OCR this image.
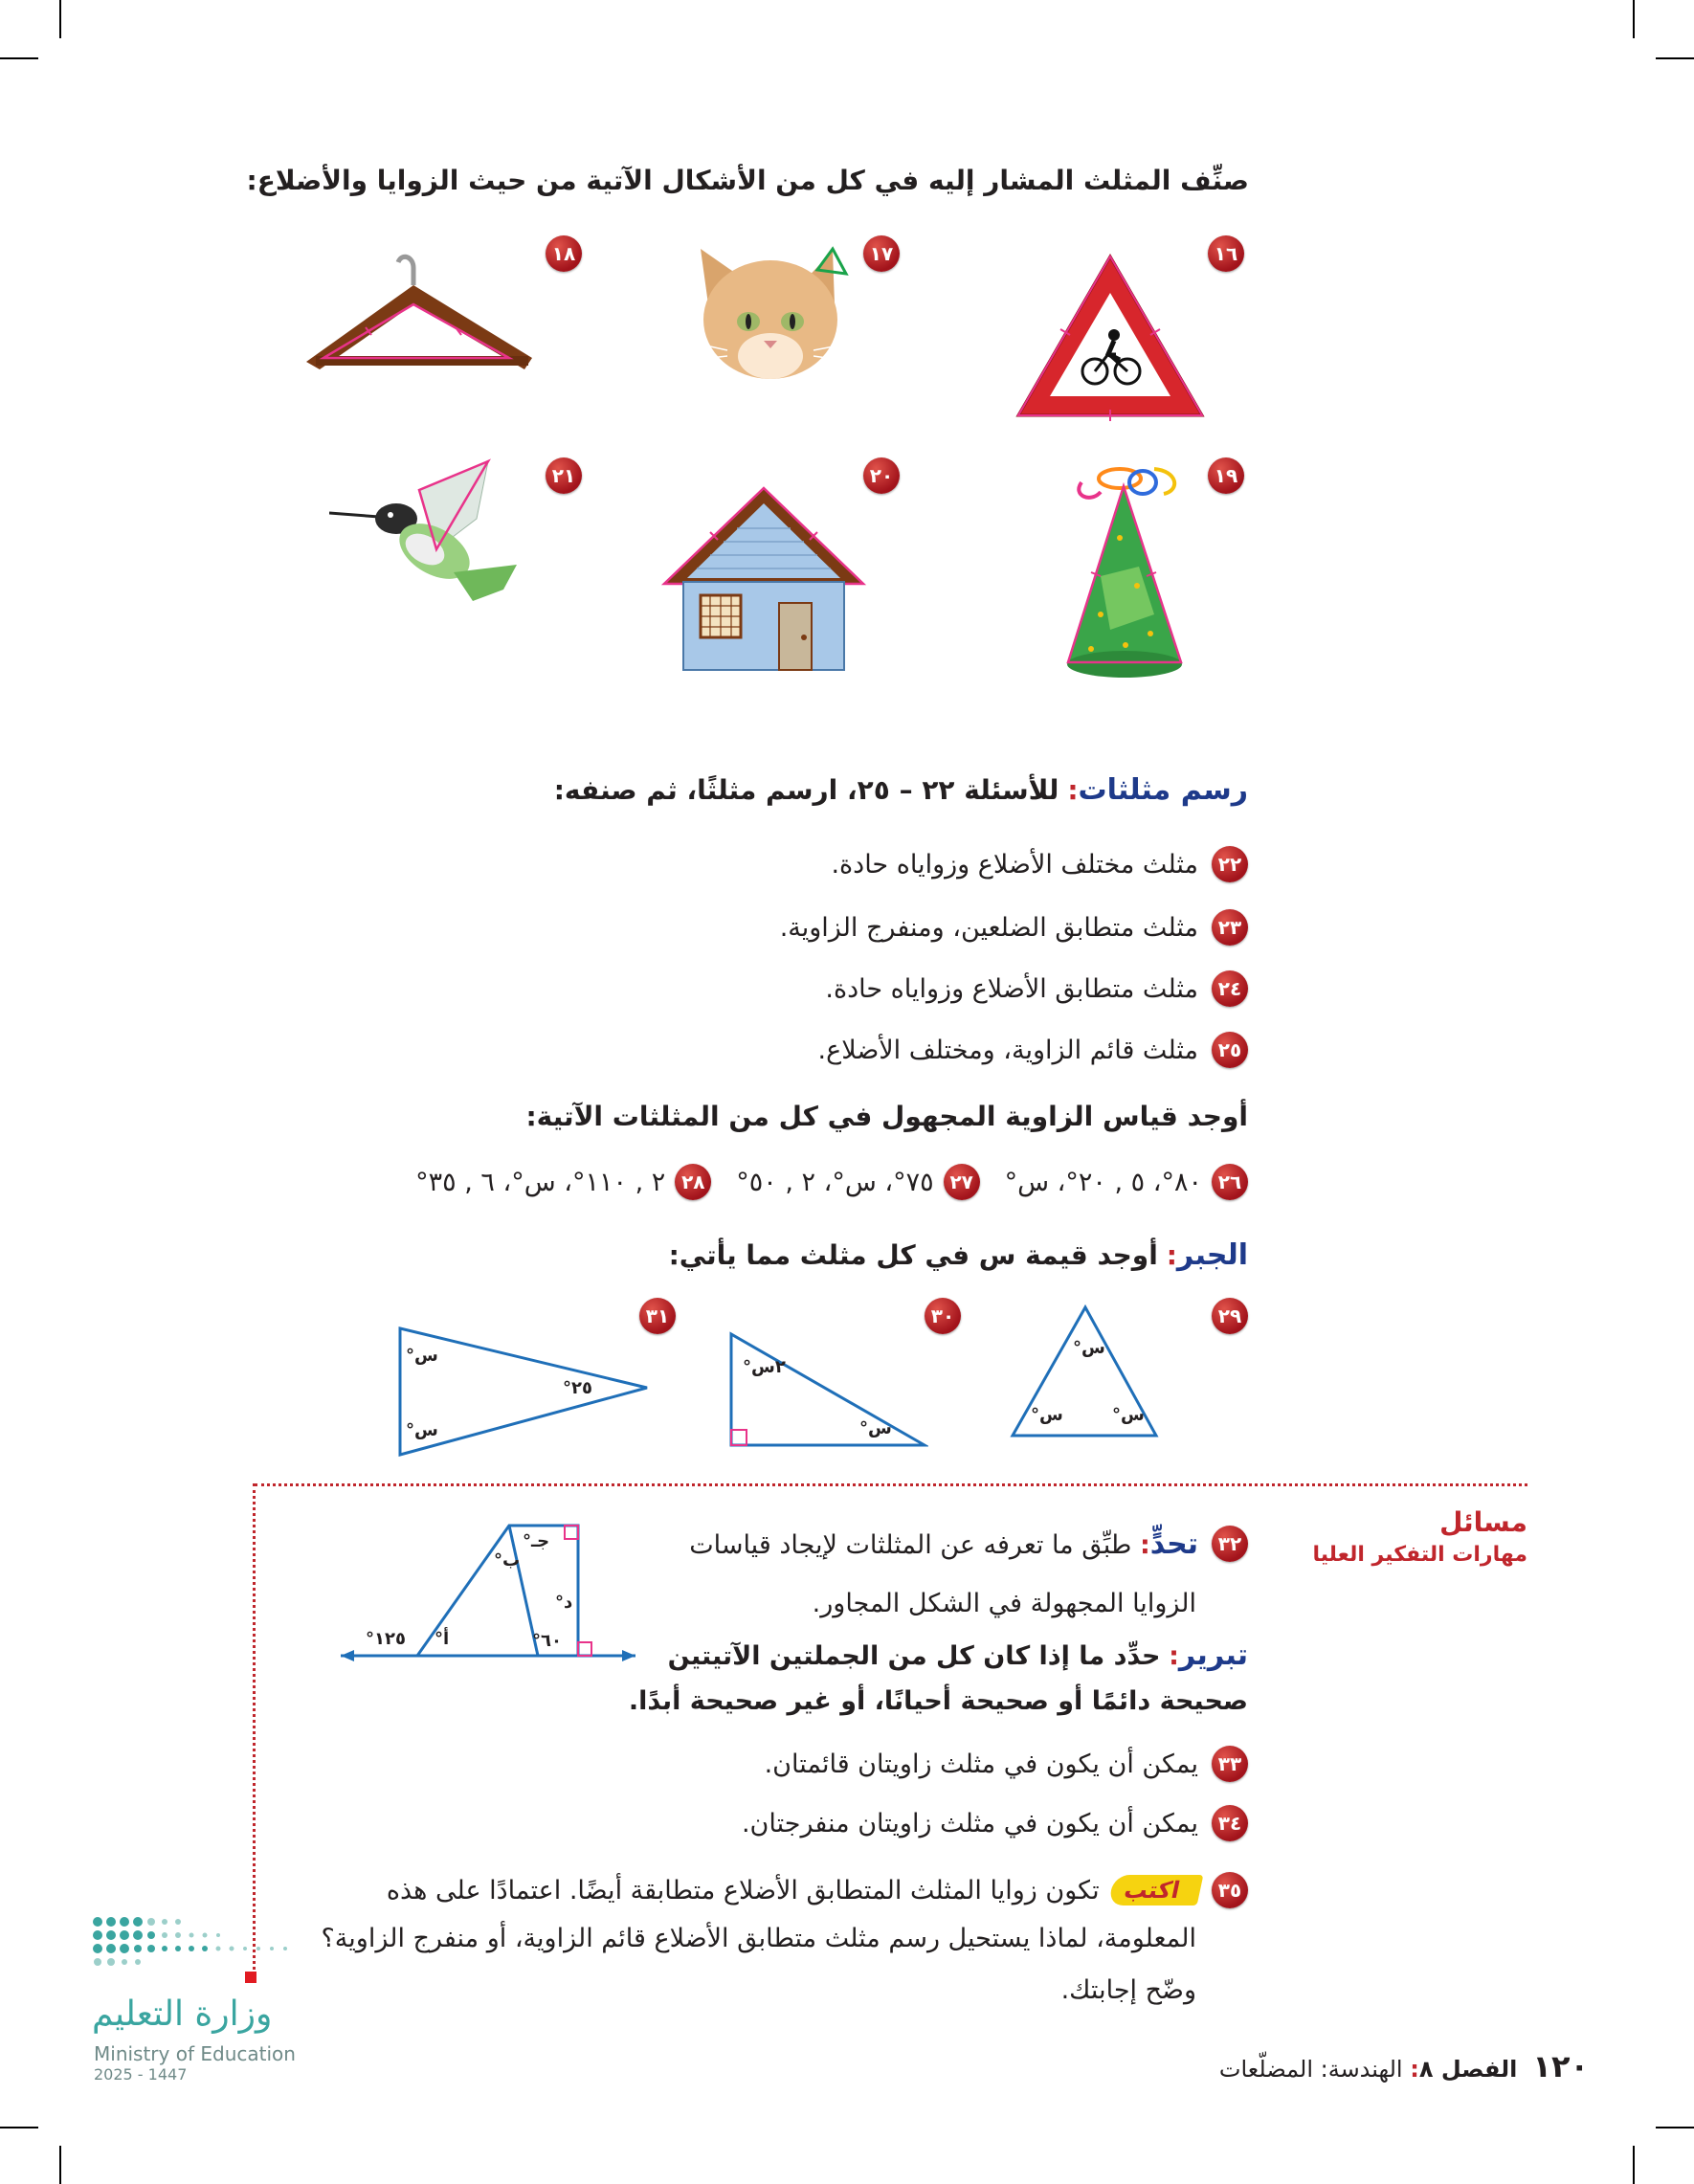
صنِّف المثلث المشار إليه في كل من الأشكال الآتية من حيث الزوايا والأضلاع:
١٦
١٧
١٨
١٩
٢٠
٢١
رسم مثلثات: للأسئلة ٢٢ – ٢٥، ارسم مثلثًا، ثم صنفه:
٢٢
مثلث مختلف الأضلاع وزواياه حادة.
٢٣
مثلث متطابق الضلعين، ومنفرج الزاوية.
٢٤
مثلث متطابق الأضلاع وزواياه حادة.
٢٥
مثلث قائم الزاوية، ومختلف الأضلاع.
أوجد قياس الزاوية المجهول في كل من المثلثات الآتية:
٢٦
٨٠°، ٥ , ٢٠°، س°
٢٧
٧٥°، س°، ٢ , ٥٠°
٢٨
٢ , ١١٠°، س°، ٦ , ٣٥°
الجبر: أوجد قيمة س في كل مثلث مما يأتي:
٢٩
٣٠
٣١
س°
س°	س°
٢س°
س°
س°
٢٥°
س°
مسائل
مهارات التفكير العليا
٣٢
تحدٍّ: طبِّق ما تعرفه عن المثلثات لإيجاد قياسات
الزوايا المجهولة في الشكل المجاور.
أ°
ب°
جـ°
د°
١٢٥°	٦٠°	تبرير: حدِّد ما إذا كان كل من الجملتين الآتيتين
صحيحة دائمًا أو صحيحة أحيانًا، أو غير صحيحة أبدًا.
٣٣
يمكن أن يكون في مثلث زاويتان قائمتان.
٣٤
يمكن أن يكون في مثلث زاويتان منفرجتان.
٣٥
اكتب
تكون زوايا المثلث المتطابق الأضلاع متطابقة أيضًا. اعتمادًا على هذه
المعلومة، لماذا يستحيل رسم مثلث متطابق الأضلاع قائم الزاوية، أو منفرج الزاوية؟
وضّح إجابتك.
وزارة التعليم
Ministry of Education
2025 - 1447	١٢٠
الفصل ٨: الهندسة: المضلّعات
